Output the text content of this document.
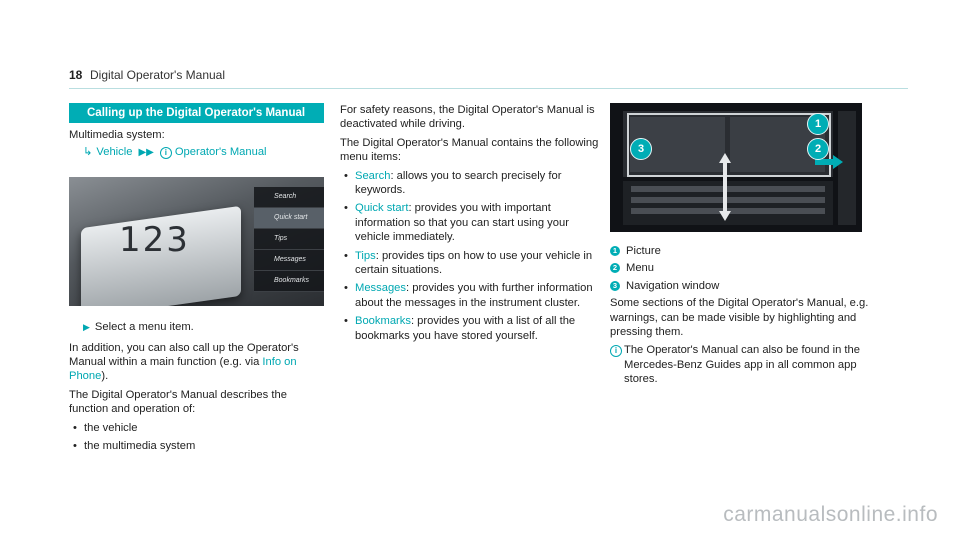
18 Digital Operator's Manual
Calling up the Digital Operator's Manual
Multimedia system:
↳ Vehicle ▶▶ i Operator's Manual
123
Search
Quick start
Tips
Messages
Bookmarks
▶ Select a menu item.

In addition, you can also call up the Operator's Manual within a main function (e.g. via Info on Phone).

The Digital Operator's Manual describes the function and operation of:

• the vehicle
• the multimedia system

For safety reasons, the Digital Operator's Manual is deactivated while driving.

The Digital Operator's Manual contains the following menu items:

• Search: allows you to search precisely for keywords.
• Quick start: provides you with important information so that you can start using your vehicle immediately.
• Tips: provides tips on how to use your vehicle in certain situations.
• Messages: provides you with further information about the messages in the instrument cluster.
• Bookmarks: provides you with a list of all the bookmarks you have stored yourself.
1
2
3
1 Picture
2 Menu
3 Navigation window

Some sections of the Digital Operator's Manual, e.g. warnings, can be made visible by highlighting and pressing them.

i The Operator's Manual can also be found in the Mercedes-Benz Guides app in all common app stores.
carmanualsonline.info
